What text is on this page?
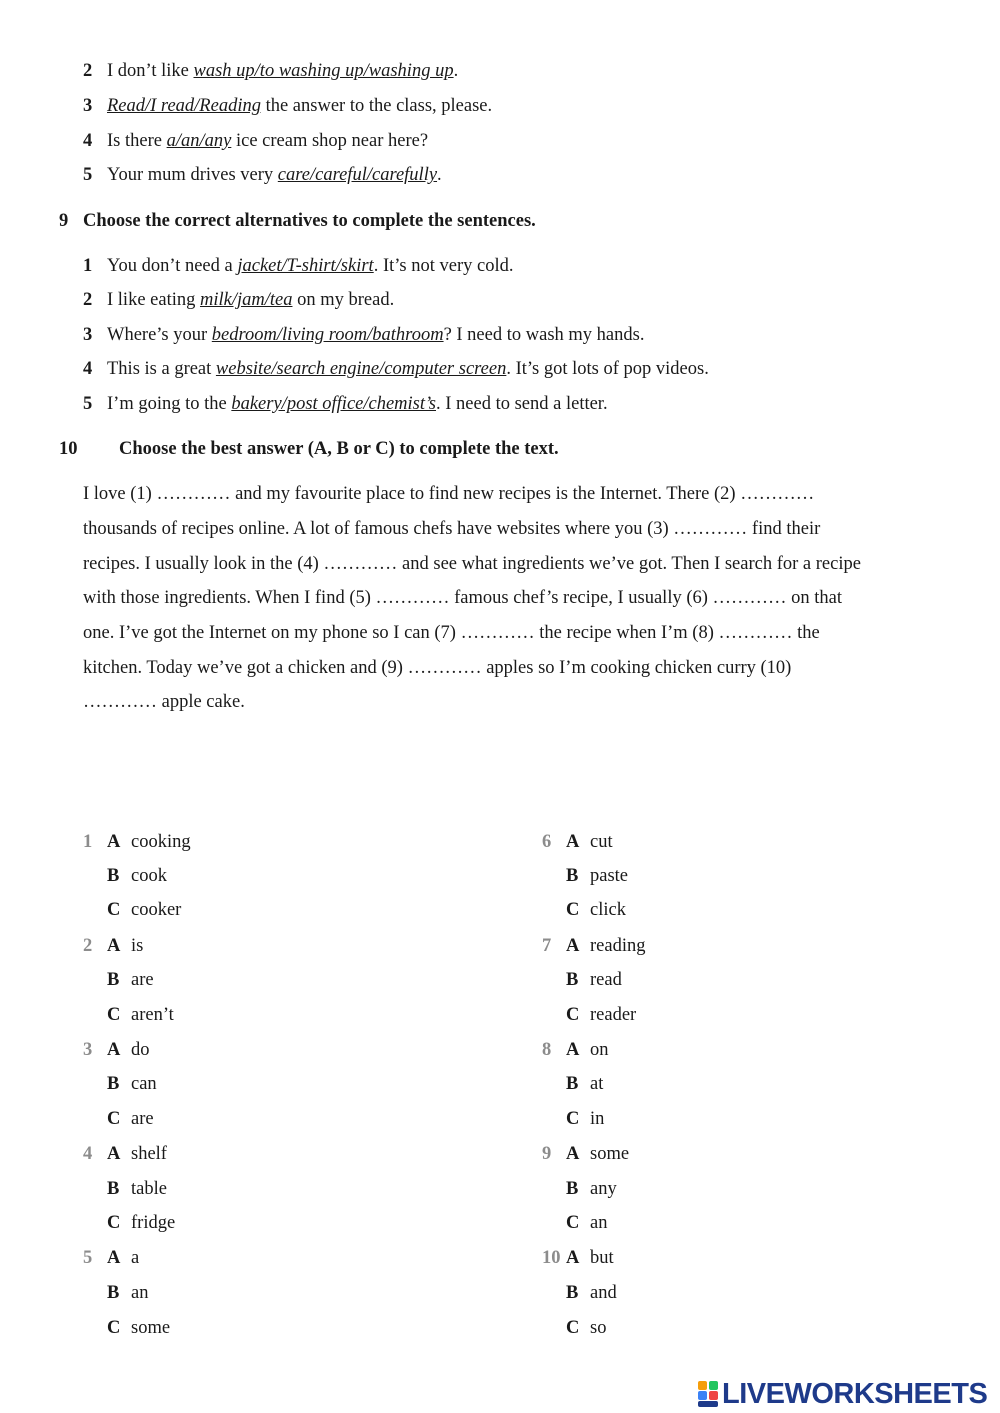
2 I don’t like wash up/to washing up/washing up.
3 Read/I read/Reading the answer to the class, please.
4 Is there a/an/any ice cream shop near here?
5 Your mum drives very care/careful/carefully.
9 Choose the correct alternatives to complete the sentences.
1 You don’t need a jacket/T-shirt/skirt. It’s not very cold.
2 I like eating milk/jam/tea on my bread.
3 Where’s your bedroom/living room/bathroom? I need to wash my hands.
4 This is a great website/search engine/computer screen. It’s got lots of pop videos.
5 I’m going to the bakery/post office/chemist’s. I need to send a letter.
10 Choose the best answer (A, B or C) to complete the text.
I love (1) ………… and my favourite place to find new recipes is the Internet. There (2) …………
thousands of recipes online. A lot of famous chefs have websites where you (3) ………… find their
recipes. I usually look in the (4) ………… and see what ingredients we’ve got. Then I search for a recipe
with those ingredients. When I find (5) ………… famous chef’s recipe, I usually (6) ………… on that
one. I’ve got the Internet on my phone so I can (7) ………… the recipe when I’m (8) ………… the
kitchen. Today we’ve got a chicken and (9) ………… apples so I’m cooking chicken curry (10)
………… apple cake.
1 A cooking
B cook
C cooker
2 A is
B are
C aren’t
3 A do
B can
C are
4 A shelf
B table
C fridge
5 A a
B an
C some
6 A cut
B paste
C click
7 A reading
B read
C reader
8 A on
B at
C in
9 A some
B any
C an
10 A but
B and
C so
LIVEWORKSHEETS
